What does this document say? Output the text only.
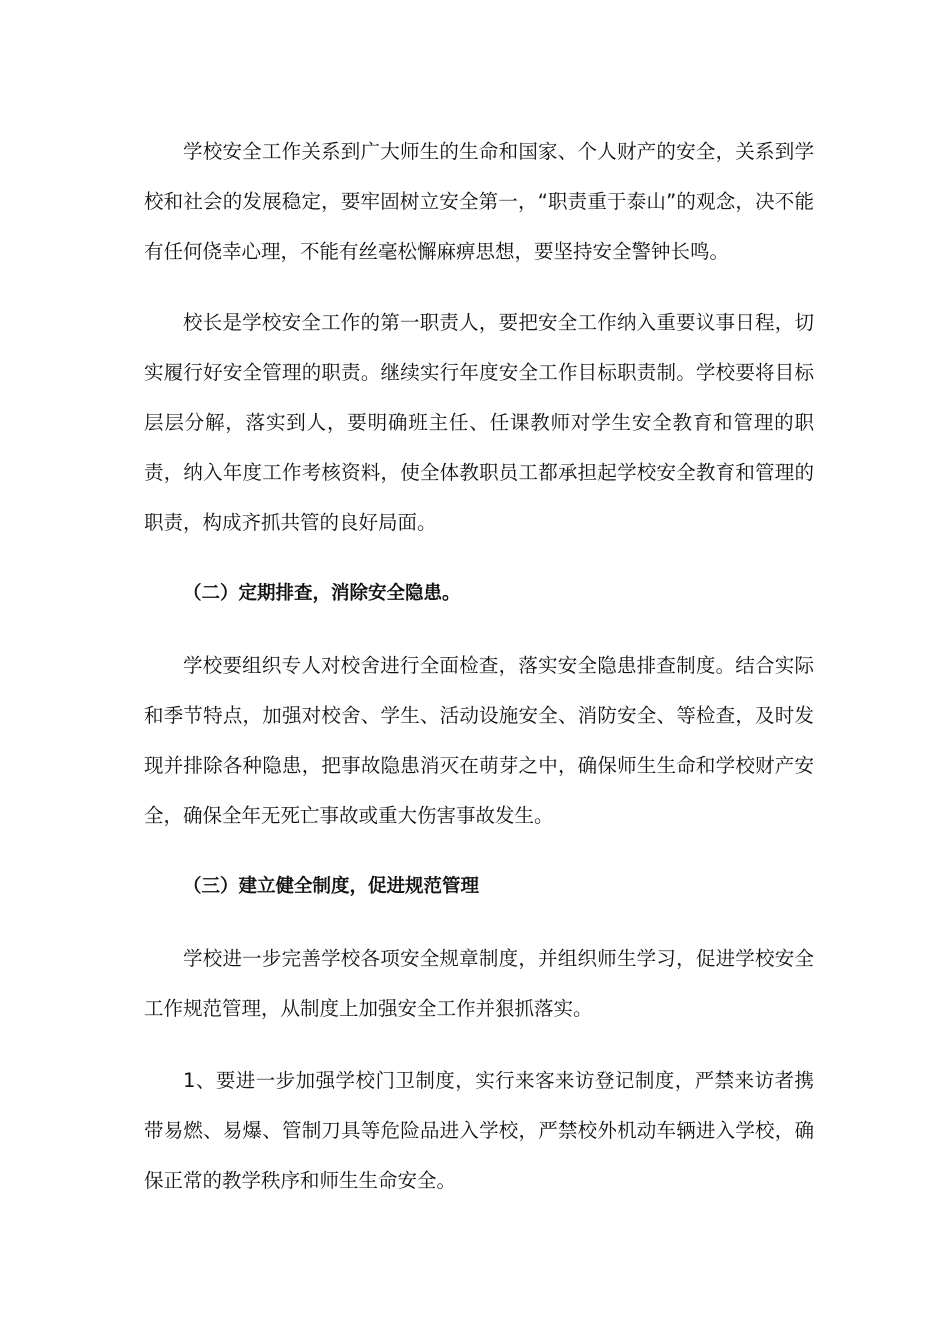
学校安全工作关系到广大师生的生命和国家、个人财产的安全，关系到学校和社会的发展稳定，要牢固树立安全第一，“职责重于泰山”的观念，决不能有任何侥幸心理，不能有丝毫松懈麻痹思想，要坚持安全警钟长鸣。

校长是学校安全工作的第一职责人，要把安全工作纳入重要议事日程，切实履行好安全管理的职责。继续实行年度安全工作目标职责制。学校要将目标层层分解，落实到人，要明确班主任、任课教师对学生安全教育和管理的职责，纳入年度工作考核资料，使全体教职员工都承担起学校安全教育和管理的职责，构成齐抓共管的良好局面。

（二）定期排查，消除安全隐患。

学校要组织专人对校舍进行全面检查，落实安全隐患排查制度。结合实际和季节特点，加强对校舍、学生、活动设施安全、消防安全、等检查，及时发现并排除各种隐患，把事故隐患消灭在萌芽之中，确保师生生命和学校财产安全，确保全年无死亡事故或重大伤害事故发生。

（三）建立健全制度，促进规范管理

学校进一步完善学校各项安全规章制度，并组织师生学习，促进学校安全工作规范管理，从制度上加强安全工作并狠抓落实。

1、要进一步加强学校门卫制度，实行来客来访登记制度，严禁来访者携带易燃、易爆、管制刀具等危险品进入学校，严禁校外机动车辆进入学校，确保正常的教学秩序和师生生命安全。
